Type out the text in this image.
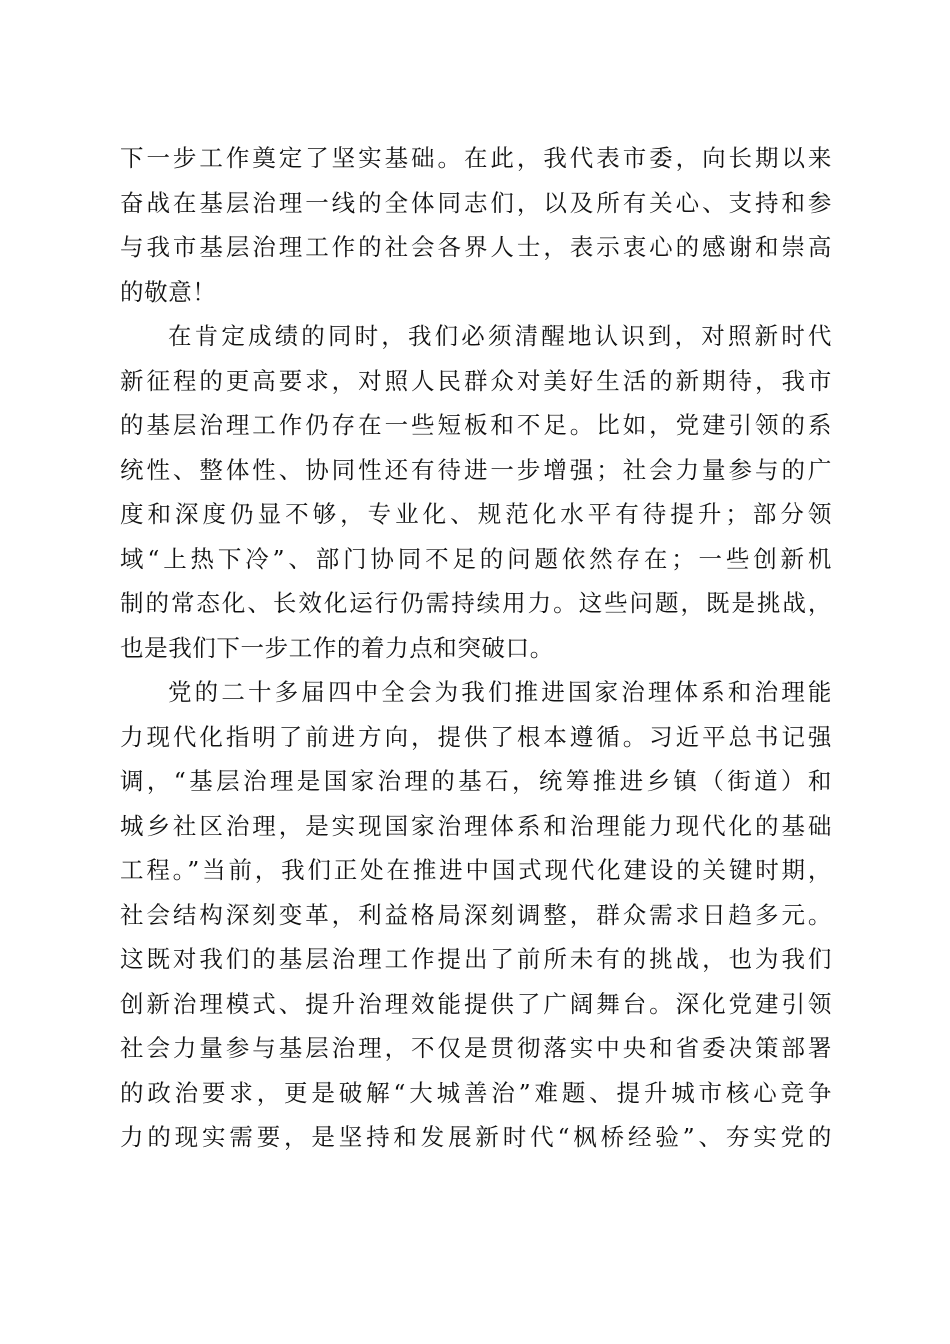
下一步工作奠定了坚实基础。在此，我代表市委，向长期以来
奋战在基层治理一线的全体同志们，以及所有关心、支持和参
与我市基层治理工作的社会各界人士，表示衷心的感谢和崇高
的敬意！
在肯定成绩的同时，我们必须清醒地认识到，对照新时代
新征程的更高要求，对照人民群众对美好生活的新期待，我市
的基层治理工作仍存在一些短板和不足。比如，党建引领的系
统性、整体性、协同性还有待进一步增强；社会力量参与的广
度和深度仍显不够，专业化、规范化水平有待提升；部分领
域“上热下冷”、部门协同不足的问题依然存在；一些创新机
制的常态化、长效化运行仍需持续用力。这些问题，既是挑战，
也是我们下一步工作的着力点和突破口。
党的二十多届四中全会为我们推进国家治理体系和治理能
力现代化指明了前进方向，提供了根本遵循。习近平总书记强
调，“基层治理是国家治理的基石，统筹推进乡镇（街道）和
城乡社区治理，是实现国家治理体系和治理能力现代化的基础
工程。”当前，我们正处在推进中国式现代化建设的关键时期，
社会结构深刻变革，利益格局深刻调整，群众需求日趋多元。
这既对我们的基层治理工作提出了前所未有的挑战，也为我们
创新治理模式、提升治理效能提供了广阔舞台。深化党建引领
社会力量参与基层治理，不仅是贯彻落实中央和省委决策部署
的政治要求，更是破解“大城善治”难题、提升城市核心竞争
力的现实需要，是坚持和发展新时代“枫桥经验”、夯实党的
